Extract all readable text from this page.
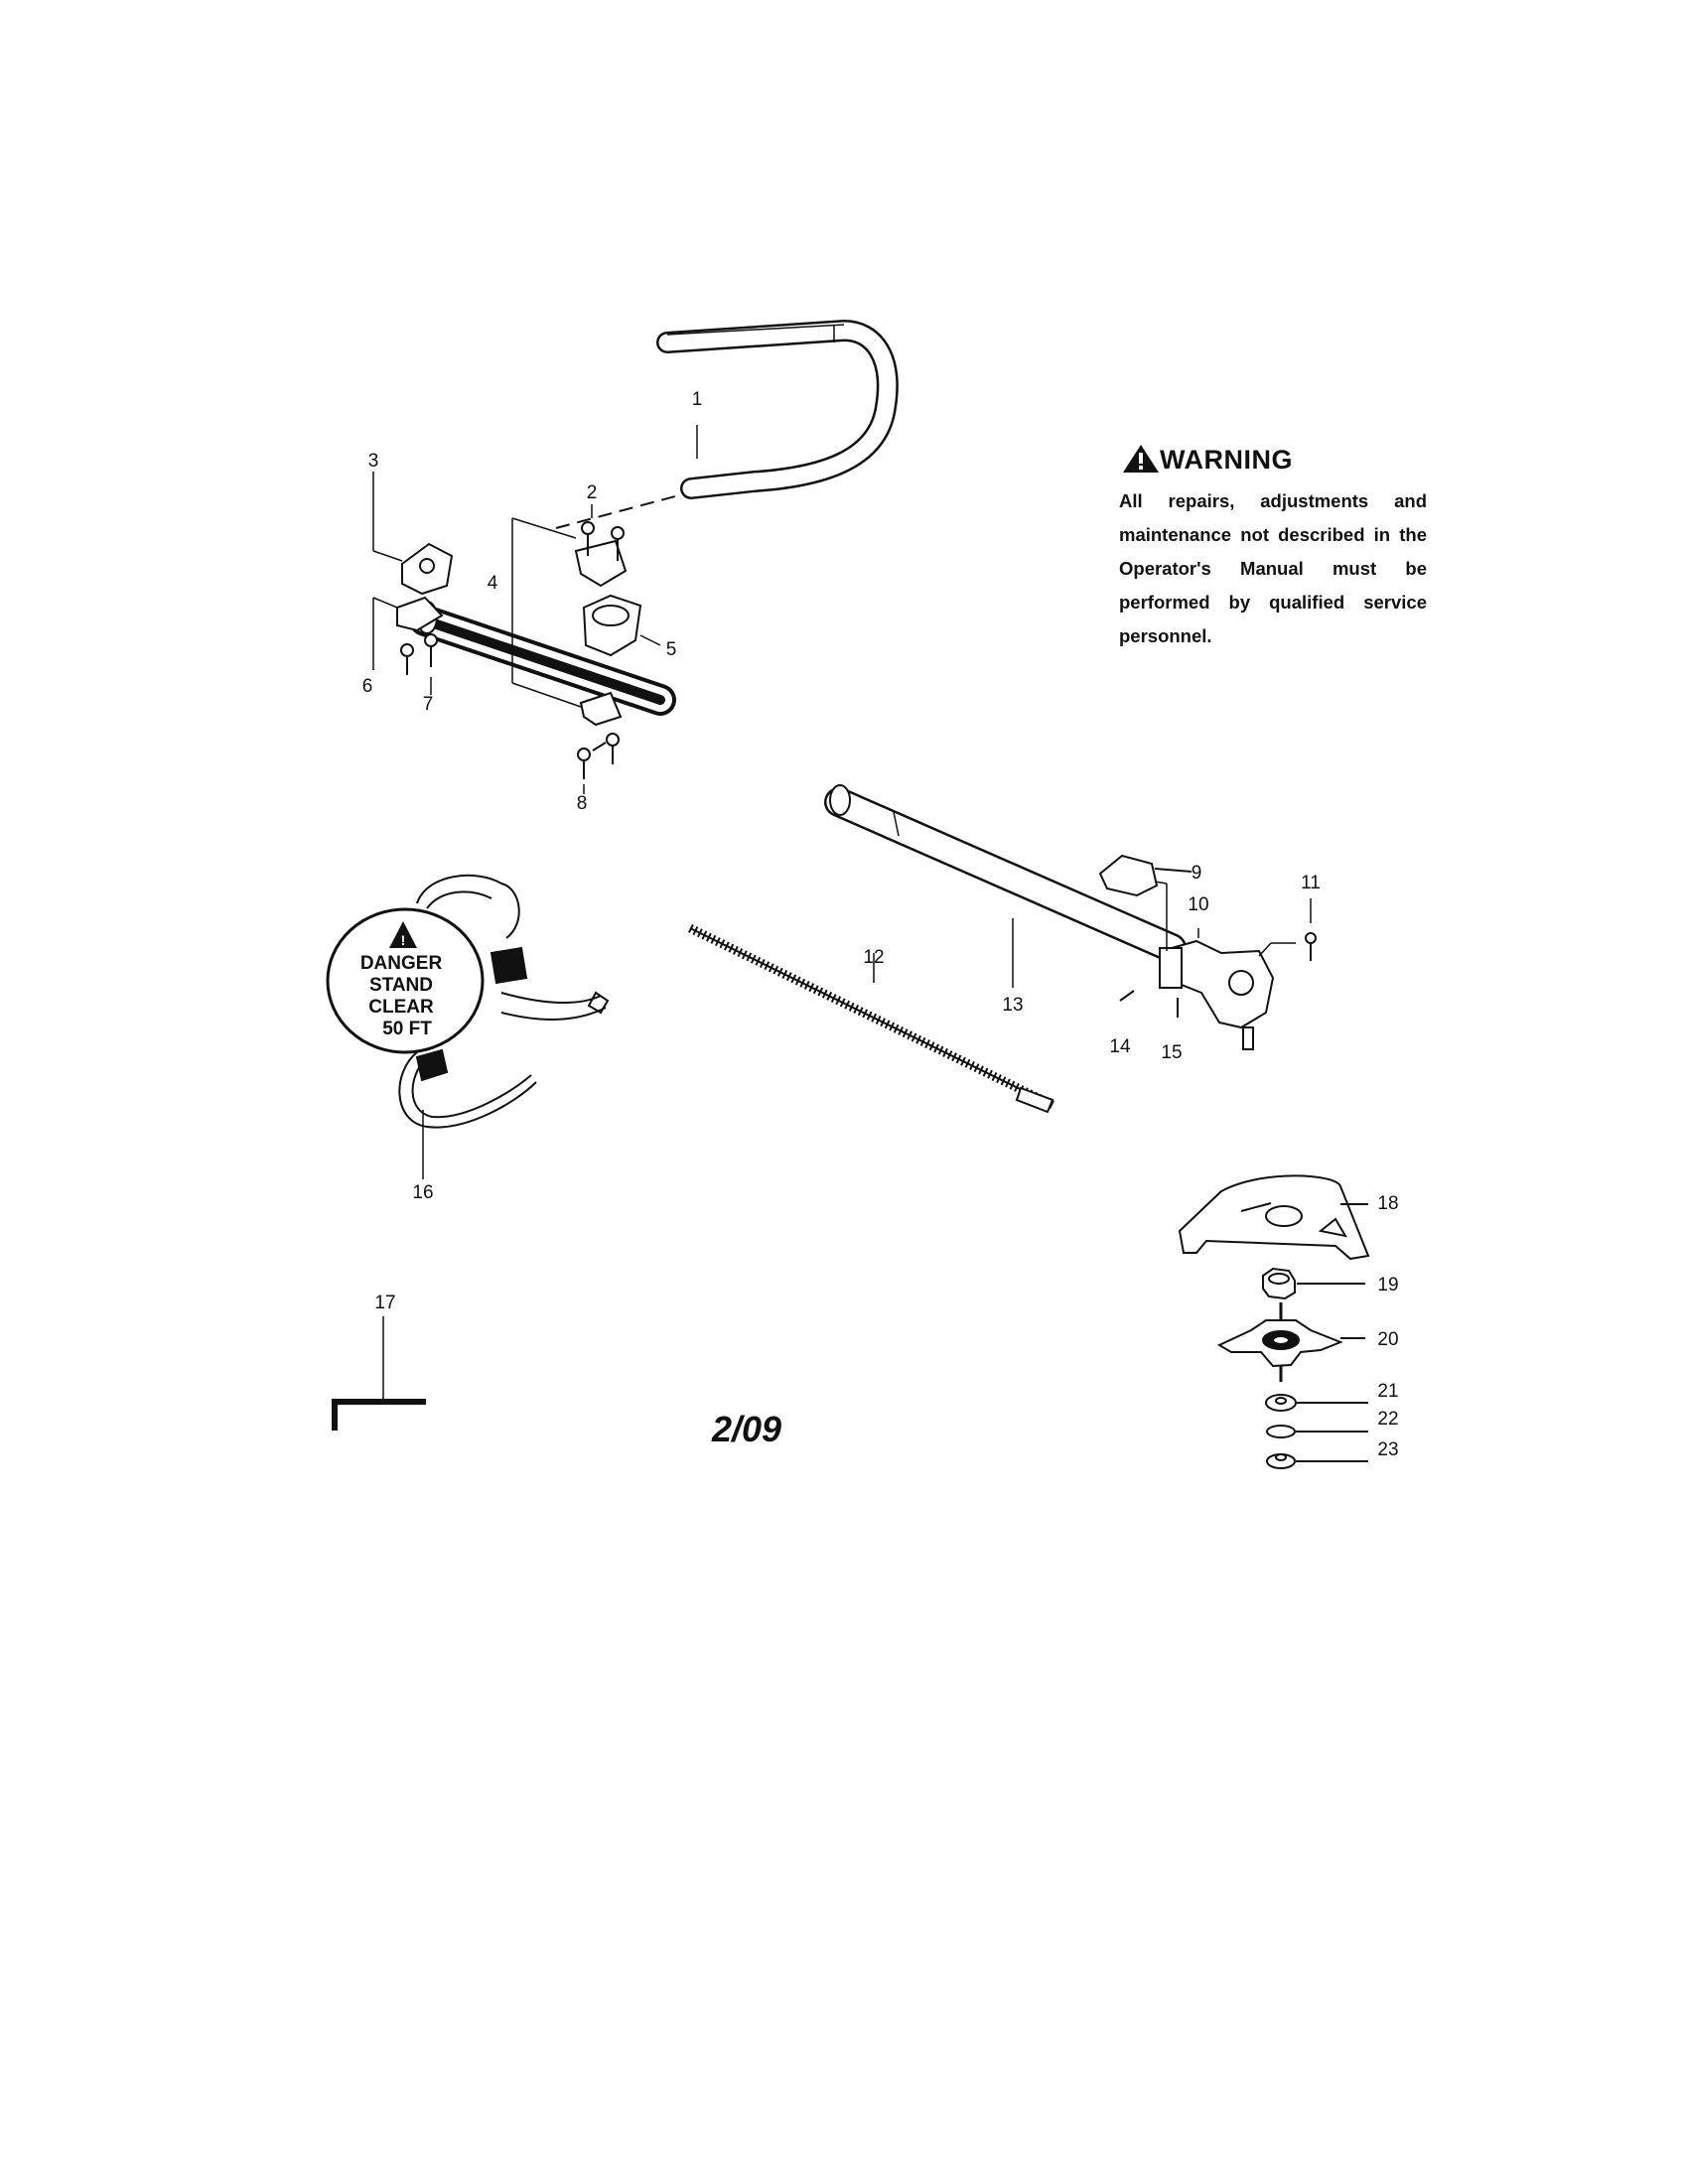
!
DANGER
STAND
CLEAR
50 FT
1
2
3
4
5
6
7
8
9
10
11
12
13
14 15
16
17
18
19
20
21
22
23
WARNING
All repairs, adjustments and maintenance not described in the Operator's Manual must be performed by qualified service personnel.
2/09
